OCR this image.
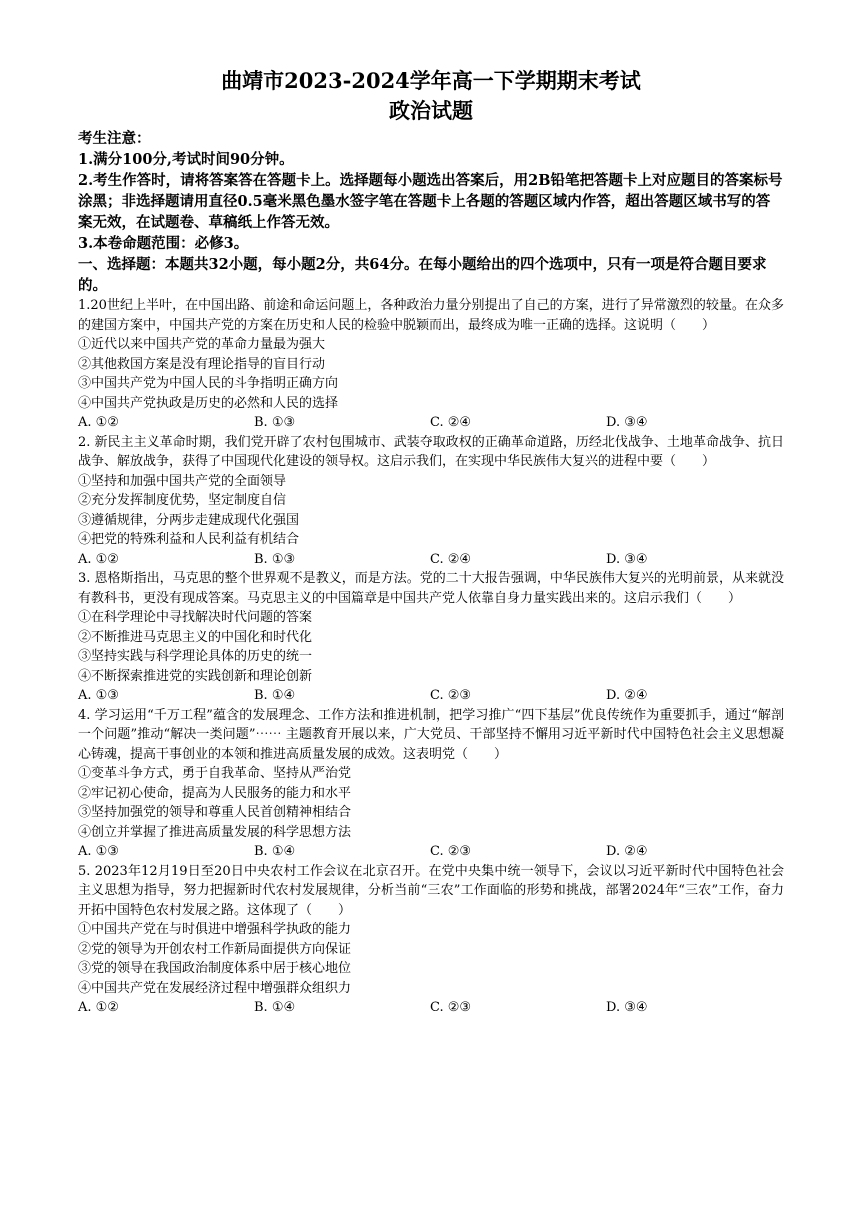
曲靖市2023-2024学年高一下学期期末考试
政治试题

考生注意：

1.满分100分,考试时间90分钟。

2.考生作答时，请将答案答在答题卡上。选择题每小题选出答案后，用2B铅笔把答题卡上对应题目的答案标号涂黑；非选择题请用直径0.5毫米黑色墨水签字笔在答题卡上各题的答题区域内作答，超出答题区域书写的答案无效，在试题卷、草稿纸上作答无效。

3.本卷命题范围：必修3。

一、选择题：本题共32小题，每小题2分，共64分。在每小题给出的四个选项中，只有一项是符合题目要求的。

1.20世纪上半叶，在中国出路、前途和命运问题上，各种政治力量分别提出了自己的方案，进行了异常激烈的较量。在众多的建国方案中，中国共产党的方案在历史和人民的检验中脱颖而出，最终成为唯一正确的选择。这说明（　　）

①近代以来中国共产党的革命力量最为强大

②其他救国方案是没有理论指导的盲目行动

③中国共产党为中国人民的斗争指明正确方向

④中国共产党执政是历史的必然和人民的选择

A. ①②	B. ①③	C. ②④	D. ③④

2. 新民主主义革命时期，我们党开辟了农村包围城市、武装夺取政权的正确革命道路，历经北伐战争、土地革命战争、抗日战争、解放战争，获得了中国现代化建设的领导权。这启示我们，在实现中华民族伟大复兴的进程中要（　　）

①坚持和加强中国共产党的全面领导

②充分发挥制度优势，坚定制度自信

③遵循规律，分两步走建成现代化强国

④把党的特殊利益和人民利益有机结合

A. ①②	B. ①③	C. ②④	D. ③④

3. 恩格斯指出，马克思的整个世界观不是教义，而是方法。党的二十大报告强调，中华民族伟大复兴的光明前景，从来就没有教科书，更没有现成答案。马克思主义的中国篇章是中国共产党人依靠自身力量实践出来的。这启示我们（　　）

①在科学理论中寻找解决时代问题的答案

②不断推进马克思主义的中国化和时代化

③坚持实践与科学理论具体的历史的统一

④不断探索推进党的实践创新和理论创新

A. ①③	B. ①④	C. ②③	D. ②④

4. 学习运用“千万工程”蕴含的发展理念、工作方法和推进机制，把学习推广“四下基层”优良传统作为重要抓手，通过“解剖一个问题”推动“解决一类问题”⋯⋯ 主题教育开展以来，广大党员、干部坚持不懈用习近平新时代中国特色社会主义思想凝心铸魂，提高干事创业的本领和推进高质量发展的成效。这表明党（　　）

①变革斗争方式，勇于自我革命、坚持从严治党

②牢记初心使命，提高为人民服务的能力和水平

③坚持加强党的领导和尊重人民首创精神相结合

④创立并掌握了推进高质量发展的科学思想方法

A. ①③	B. ①④	C. ②③	D. ②④

5. 2023年12月19日至20日中央农村工作会议在北京召开。在党中央集中统一领导下，会议以习近平新时代中国特色社会主义思想为指导，努力把握新时代农村发展规律，分析当前“三农”工作面临的形势和挑战，部署2024年“三农”工作，奋力开拓中国特色农村发展之路。这体现了（　　）

①中国共产党在与时俱进中增强科学执政的能力

②党的领导为开创农村工作新局面提供方向保证

③党的领导在我国政治制度体系中居于核心地位

④中国共产党在发展经济过程中增强群众组织力

A. ①②	B. ①④	C. ②③	D. ③④
